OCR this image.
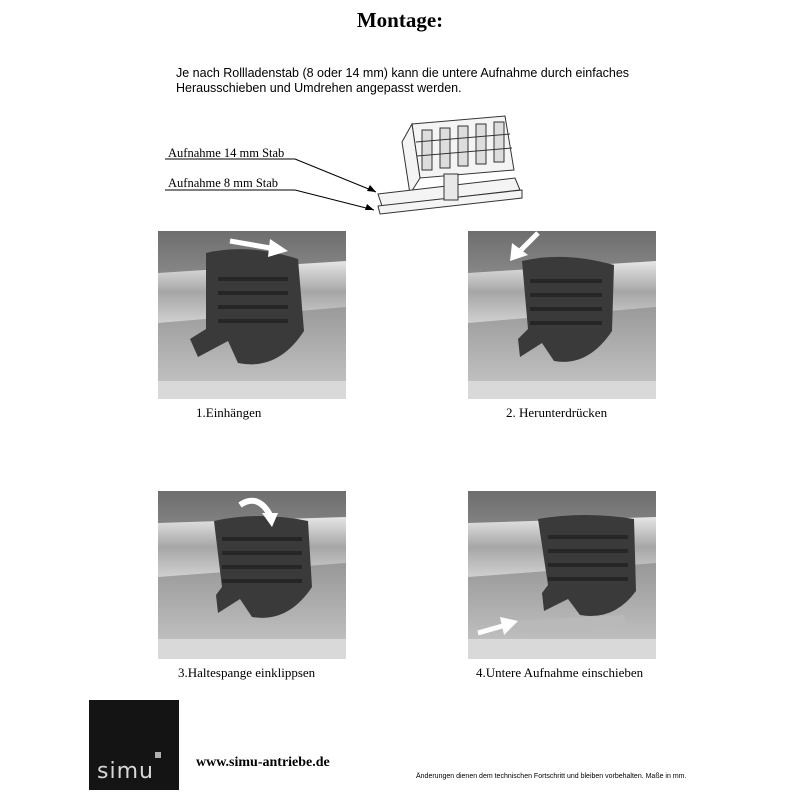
Montage:
Je nach Rollladenstab (8 oder 14 mm) kann die untere Aufnahme durch einfaches Herausschieben und Umdrehen angepasst werden.
Aufnahme 14 mm Stab
Aufnahme 8 mm Stab
1.Einhängen	2. Herunterdrücken
3.Haltespange einklippsen	4.Untere Aufnahme einschieben
simu	www.simu-antriebe.de
Änderungen dienen dem technischen Fortschritt und bleiben vorbehalten. Maße in mm.
